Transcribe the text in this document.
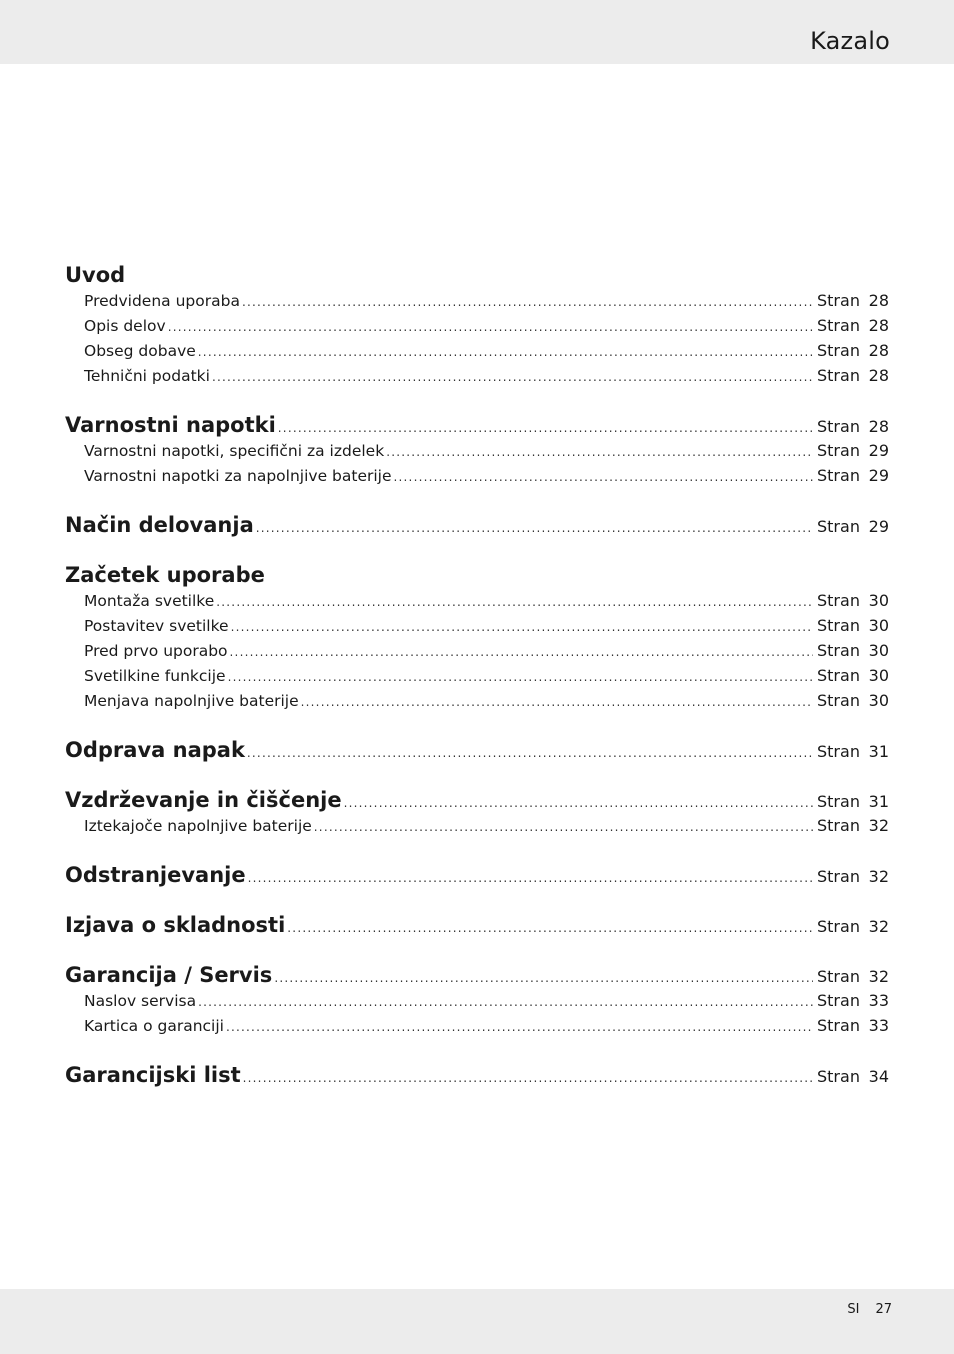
Kazalo
Uvod
Predvidena uporaba .....	Stran 28
Opis delov .....	Stran 28
Obseg dobave .....	Stran 28
Tehnični podatki .....	Stran 28
Varnostni napotki .....	Stran 28
Varnostni napotki, specifični za izdelek .....	Stran 29
Varnostni napotki za napolnjive baterije .....	Stran 29
Način delovanja .....	Stran 29
Začetek uporabe
Montaža svetilke .....	Stran 30
Postavitev svetilke .....	Stran 30
Pred prvo uporabo .....	Stran 30
Svetilkine funkcije .....	Stran 30
Menjava napolnjive baterije .....	Stran 30
Odprava napak .....	Stran 31
Vzdrževanje in čiščenje .....	Stran 31
Iztekajoče napolnjive baterije .....	Stran 32
Odstranjevanje .....	Stran 32
Izjava o skladnosti .....	Stran 32
Garancija / Servis .....	Stran 32
Naslov servisa .....	Stran 33
Kartica o garanciji .....	Stran 33
Garancijski list .....	Stran 34
SI 27
